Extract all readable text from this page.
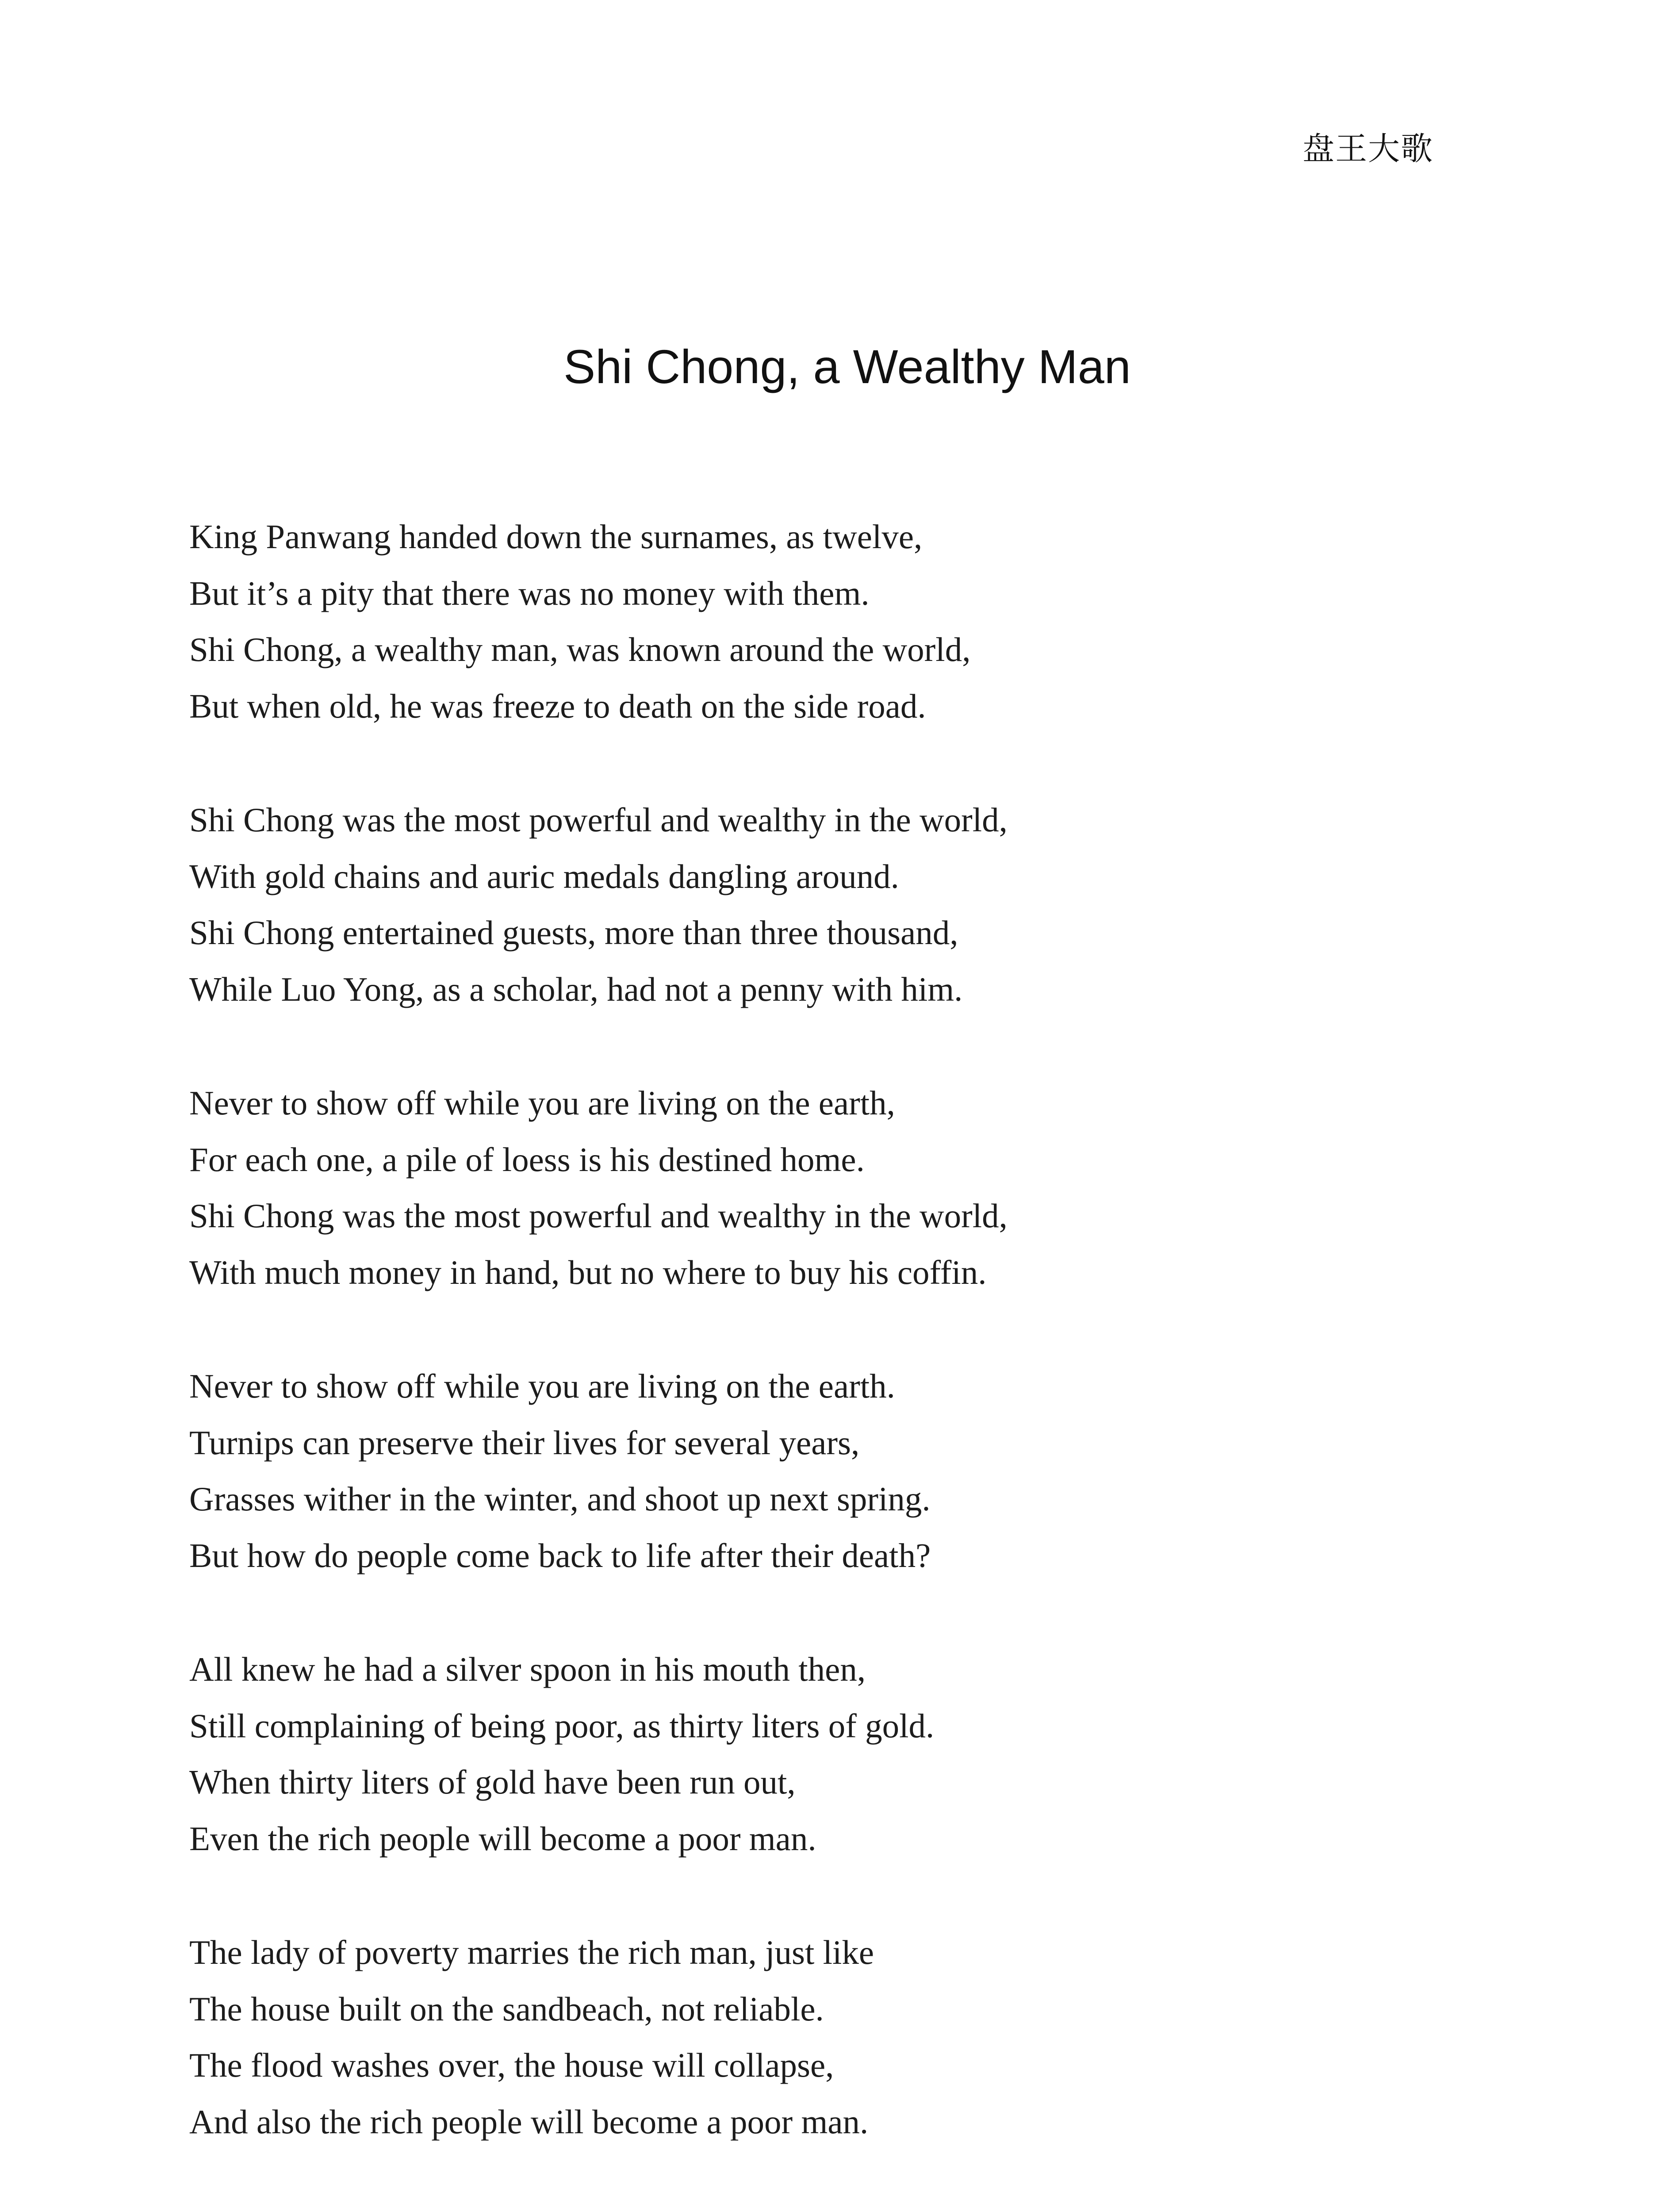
盘王大歌
Shi Chong, a Wealthy Man
King Panwang handed down the surnames, as twelve,
But it’s a pity that there was no money with them.
Shi Chong, a wealthy man, was known around the world,
But when old, he was freeze to death on the side road.
Shi Chong was the most powerful and wealthy in the world,
With gold chains and auric medals dangling around.
Shi Chong entertained guests, more than three thousand,
While Luo Yong, as a scholar, had not a penny with him.
Never to show off while you are living on the earth,
For each one, a pile of loess is his destined home.
Shi Chong was the most powerful and wealthy in the world,
With much money in hand, but no where to buy his coffin.
Never to show off while you are living on the earth.
Turnips can preserve their lives for several years,
Grasses wither in the winter, and shoot up next spring.
But how do people come back to life after their death?
All knew he had a silver spoon in his mouth then,
Still complaining of being poor, as thirty liters of gold.
When thirty liters of gold have been run out,
Even the rich people will become a poor man.
The lady of poverty marries the rich man, just like
The house built on the sandbeach, not reliable.
The flood washes over, the house will collapse,
And also the rich people will become a poor man.
